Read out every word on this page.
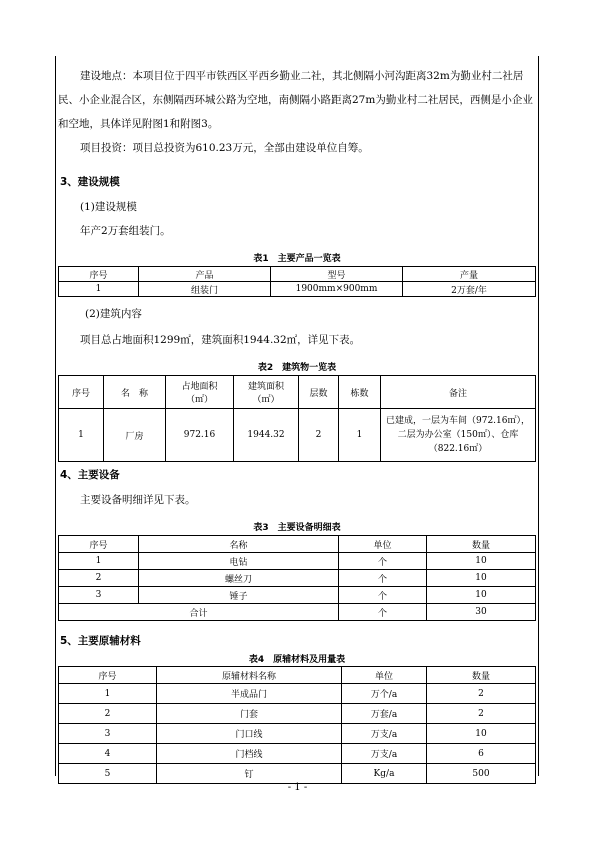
建设地点：本项目位于四平市铁西区平西乡勤业二社，其北侧隔小河沟距离32m为勤业村二社居民、小企业混合区，东侧隔西环城公路为空地，南侧隔小路距离27m为勤业村二社居民，西侧是小企业和空地，具体详见附图1和附图3。

项目投资：项目总投资为610.23万元，全部由建设单位自筹。

3、建设规模

(1)建设规模

年产2万套组装门。

表1　主要产品一览表
序号	产品	型号	产量
1	组装门	1900mm×900mm	2万套/年

(2)建筑内容

项目总占地面积1299㎡，建筑面积1944.32㎡，详见下表。

表2　建筑物一览表
序号	名　称	占地面积
（㎡）	建筑面积
（㎡）	层数	栋数	备注
1	厂房	972.16	1944.32	2	1	已建成，一层为车间（972.16㎡），二层为办公室（150㎡）、仓库（822.16㎡）
4、主要设备

主要设备明细详见下表。

表3　主要设备明细表
序号	名称	单位	数量
1	电钻	个	10
2	螺丝刀	个	10
3	锤子	个	10
合计		个	30
5、主要原辅材料
表4　原辅材料及用量表
序号	原辅材料名称	单位	数量
1	半成品门	万个/a	2
2	门套	万套/a	2
3	门口线	万支/a	10
4	门档线	万支/a	6
5	钉	Kg/a	500
- 1 -
